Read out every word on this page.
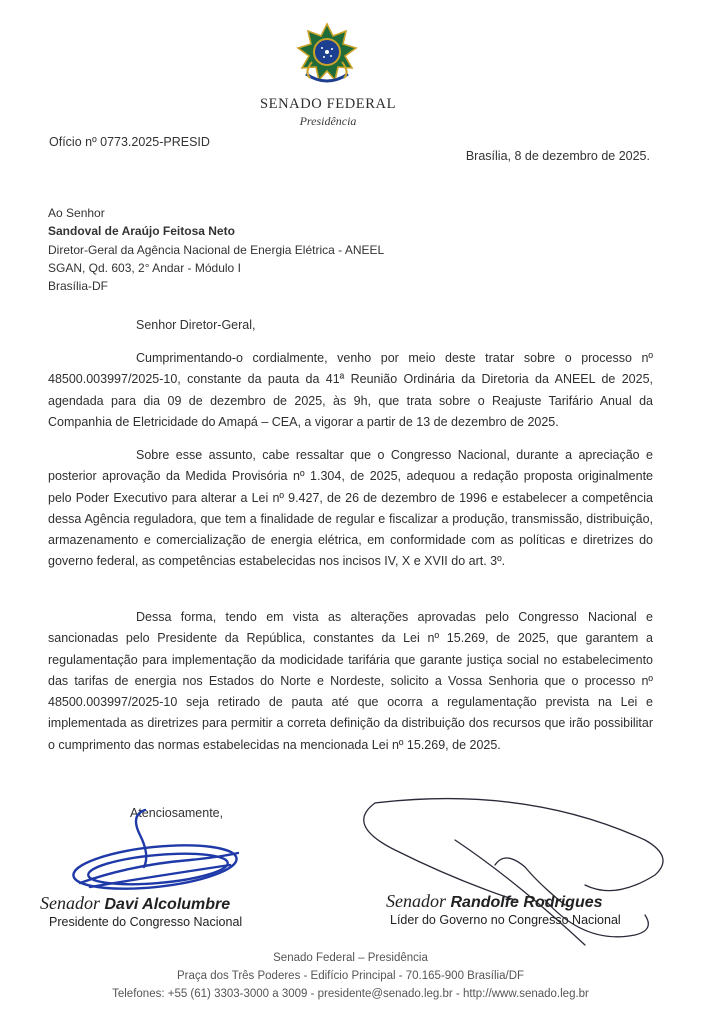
SENADO FEDERAL
Presidência
Ofício nº 0773.2025-PRESID
Brasília, 8 de dezembro de 2025.
Ao Senhor
Sandoval de Araújo Feitosa Neto
Diretor-Geral da Agência Nacional de Energia Elétrica - ANEEL
SGAN, Qd. 603, 2° Andar - Módulo I
Brasília-DF
Senhor Diretor-Geral,
Cumprimentando-o cordialmente, venho por meio deste tratar sobre o processo nº 48500.003997/2025-10, constante da pauta da 41ª Reunião Ordinária da Diretoria da ANEEL de 2025, agendada para dia 09 de dezembro de 2025, às 9h, que trata sobre o Reajuste Tarifário Anual da Companhia de Eletricidade do Amapá – CEA, a vigorar a partir de 13 de dezembro de 2025.
Sobre esse assunto, cabe ressaltar que o Congresso Nacional, durante a apreciação e posterior aprovação da Medida Provisória nº 1.304, de 2025, adequou a redação proposta originalmente pelo Poder Executivo para alterar a Lei nº 9.427, de 26 de dezembro de 1996 e estabelecer a competência dessa Agência reguladora, que tem a finalidade de regular e fiscalizar a produção, transmissão, distribuição, armazenamento e comercialização de energia elétrica, em conformidade com as políticas e diretrizes do governo federal, as competências estabelecidas nos incisos IV, X e XVII do art. 3º.
Dessa forma, tendo em vista as alterações aprovadas pelo Congresso Nacional e sancionadas pelo Presidente da República, constantes da Lei nº 15.269, de 2025, que garantem a regulamentação para implementação da modicidade tarifária que garante justiça social no estabelecimento das tarifas de energia nos Estados do Norte e Nordeste, solicito a Vossa Senhoria que o processo nº 48500.003997/2025-10 seja retirado de pauta até que ocorra a regulamentação prevista na Lei e implementada as diretrizes para permitir a correta definição da distribuição dos recursos que irão possibilitar o cumprimento das normas estabelecidas na mencionada Lei nº 15.269, de 2025.
Atenciosamente,
Senador Davi Alcolumbre
Presidente do Congresso Nacional
Senador Randolfe Rodrigues
Líder do Governo no Congresso Nacional
Senado Federal – Presidência
Praça dos Três Poderes - Edifício Principal - 70.165-900 Brasília/DF
Telefones: +55 (61) 3303-3000 a 3009 - presidente@senado.leg.br - http://www.senado.leg.br
